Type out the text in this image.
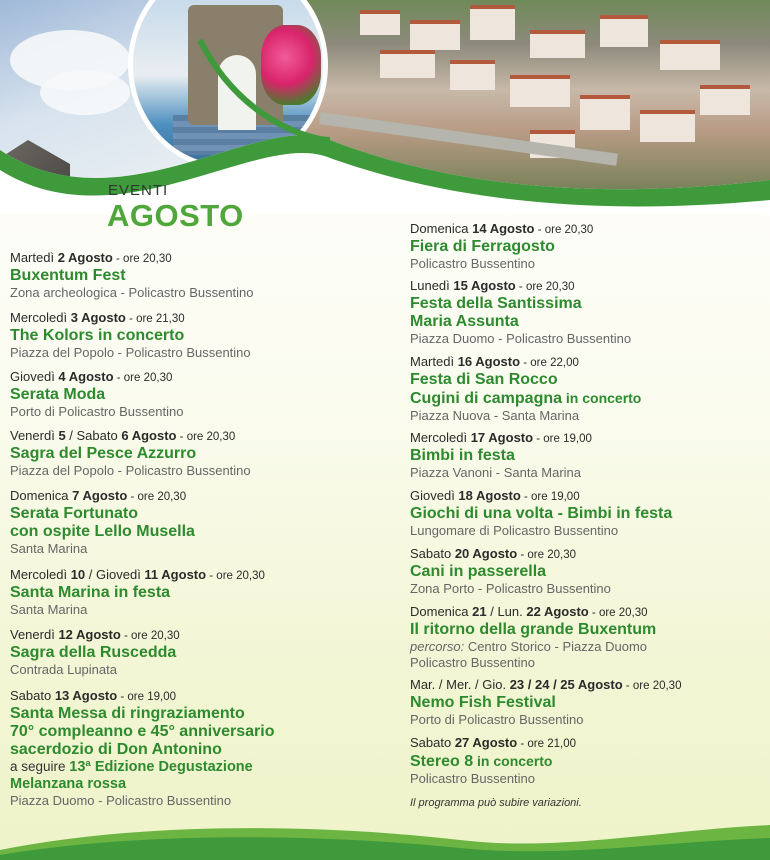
EVENTI
AGOSTO
Martedì 2 Agosto - ore 20,30
Buxentum Fest
Zona archeologica - Policastro Bussentino
Mercoledì 3 Agosto - ore 21,30
The Kolors in concerto
Piazza del Popolo - Policastro Bussentino
Giovedì 4 Agosto - ore 20,30
Serata Moda
Porto di Policastro Bussentino
Venerdì 5 / Sabato 6 Agosto - ore 20,30
Sagra del Pesce Azzurro
Piazza del Popolo - Policastro Bussentino
Domenica 7 Agosto - ore 20,30
Serata Fortunato
con ospite Lello Musella
Santa Marina
Mercoledì 10 / Giovedì 11 Agosto - ore 20,30
Santa Marina in festa
Santa Marina
Venerdì 12 Agosto - ore 20,30
Sagra della Ruscedda
Contrada Lupinata
Sabato 13 Agosto - ore 19,00
Santa Messa di ringraziamento
70° compleanno e 45° anniversario
sacerdozio di Don Antonino
a seguire 13ª Edizione Degustazione
Melanzana rossa
Piazza Duomo - Policastro Bussentino
Domenica 14 Agosto - ore 20,30
Fiera di Ferragosto
Policastro Bussentino
Lunedì 15 Agosto - ore 20,30
Festa della Santissima
Maria Assunta
Piazza Duomo - Policastro Bussentino
Martedì 16 Agosto - ore 22,00
Festa di San Rocco
Cugini di campagna in concerto
Piazza Nuova - Santa Marina
Mercoledì 17 Agosto - ore 19,00
Bimbi in festa
Piazza Vanoni - Santa Marina
Giovedì 18 Agosto - ore 19,00
Giochi di una volta - Bimbi in festa
Lungomare di Policastro Bussentino
Sabato 20 Agosto - ore 20,30
Cani in passerella
Zona Porto - Policastro Bussentino
Domenica 21 / Lun. 22 Agosto - ore 20,30
Il ritorno della grande Buxentum
percorso: Centro Storico - Piazza Duomo
Policastro Bussentino
Mar. / Mer. / Gio. 23 / 24 / 25 Agosto - ore 20,30
Nemo Fish Festival
Porto di Policastro Bussentino
Sabato 27 Agosto - ore 21,00
Stereo 8 in concerto
Policastro Bussentino
Il programma può subire variazioni.
